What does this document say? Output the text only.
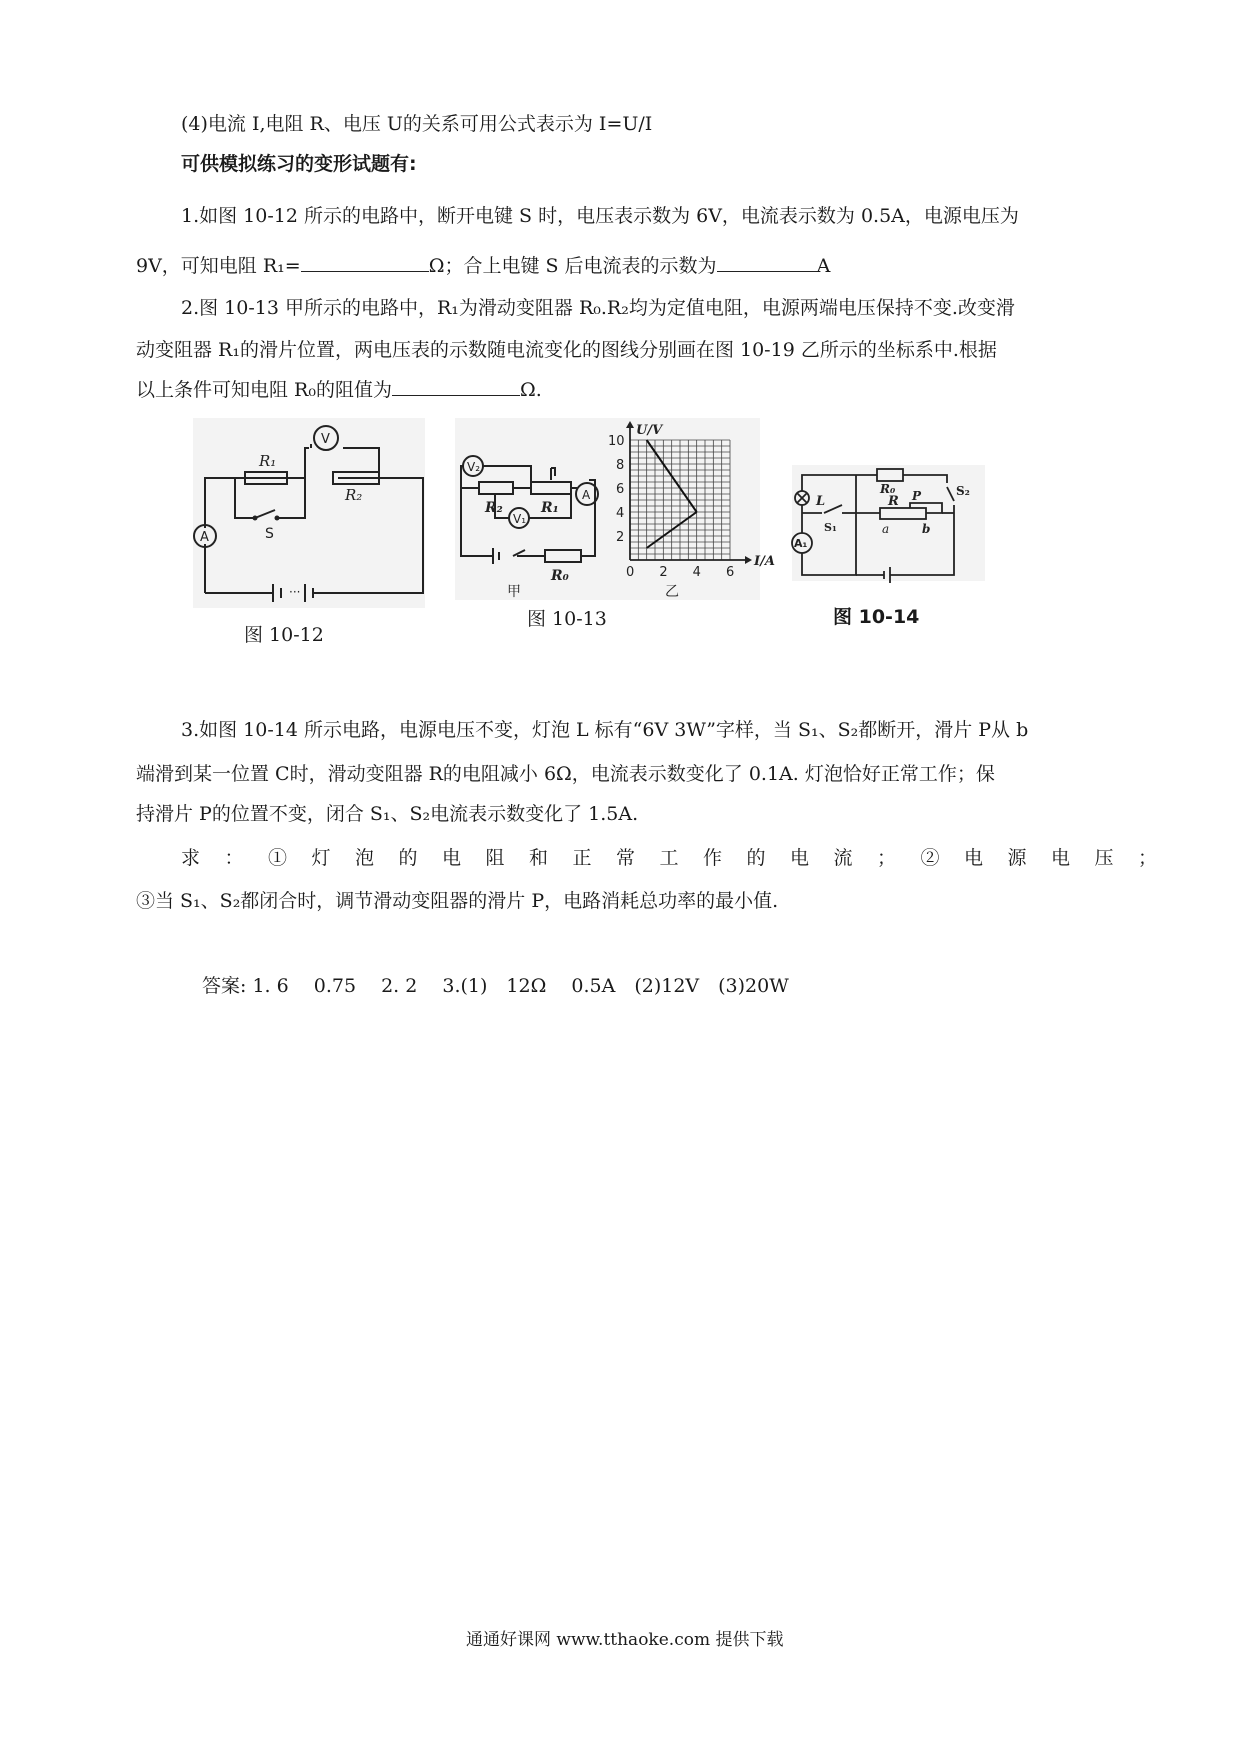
(4)电流 I,电阻 R、电压 U的关系可用公式表示为 I=U/I
可供模拟练习的变形试题有:
1.如图 10-12 所示的电路中，断开电键 S 时，电压表示数为 6V，电流表示数为 0.5A，电源电压为
9V，可知电阻 R₁=	Ω；合上电键 S 后电流表的示数为	A
2.图 10-13 甲所示的电路中，R₁为滑动变阻器 R₀.R₂均为定值电阻，电源两端电压保持不变.改变滑
动变阻器 R₁的滑片位置，两电压表的示数随电流变化的图线分别画在图 10-19 乙所示的坐标系中.根据
以上条件可知电阻 R₀的阻值为	Ω.
···
R₁
R₂
V
A	S
图 10-12
V₂
V₁
R₂	R₁
R₀
A
甲
0 2 4 6
2
4
6
8
10
I/A
U/V
乙
图 10-13
R₀	S₂
L	P
R
A₁
S₁	a	b
图 10-14
3.如图 10-14 所示电路，电源电压不变，灯泡 L 标有“6V 3W”字样，当 S₁、S₂都断开，滑片 P从 b
端滑到某一位置 C时，滑动变阻器 R的电阻减小 6Ω，电流表示数变化了 0.1A. 灯泡恰好正常工作；保
持滑片 P的位置不变，闭合 S₁、S₂电流表示数变化了 1.5A.
求：①灯泡的电阻和正常工作的电流；②电源电压；
③当 S₁、S₂都闭合时，调节滑动变阻器的滑片 P，电路消耗总功率的最小值.
答案: 1. 6　 0.75　 2. 2　 3.(1)　12Ω　 0.5A　(2)12V　(3)20W
通通好课网 www.tthaoke.com 提供下载
